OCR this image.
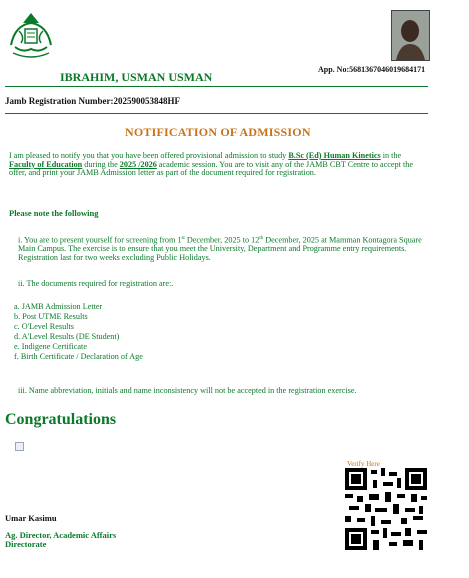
App. No:5681367046019684171
IBRAHIM, USMAN USMAN
Jamb Registration Number:202590053848HF
NOTIFICATION OF ADMISSION
I am pleased to notify you that you have been offered provisional admission to study B.Sc (Ed) Human Kinetics in the Faculty of Education during the 2025 /2026 academic session. You are to visit any of the JAMB CBT Centre to accept the offer, and print your JAMB Admission letter as part of the document required for registration.
Please note the following
i. You are to present yourself for screening from 1st December, 2025 to 12th December, 2025 at Mamman Kontagora Square Main Campus. The exercise is to ensure that you meet the University, Department and Programme entry requirements. Registration last for two weeks excluding Public Holidays.
ii. The documents required for registration are:.
a. JAMB Admission Letter
b. Post UTME Results
c. O'Level Results
d. A'Level Results (DE Student)
e. Indigene Certificate
f. Birth Certificate / Declaration of Age
iii. Name abbreviation, initials and name inconsistency will not be accepted in the registration exercise.
Congratulations
Verify Here
Umar Kasimu
Ag. Director, Academic Affairs Directorate
